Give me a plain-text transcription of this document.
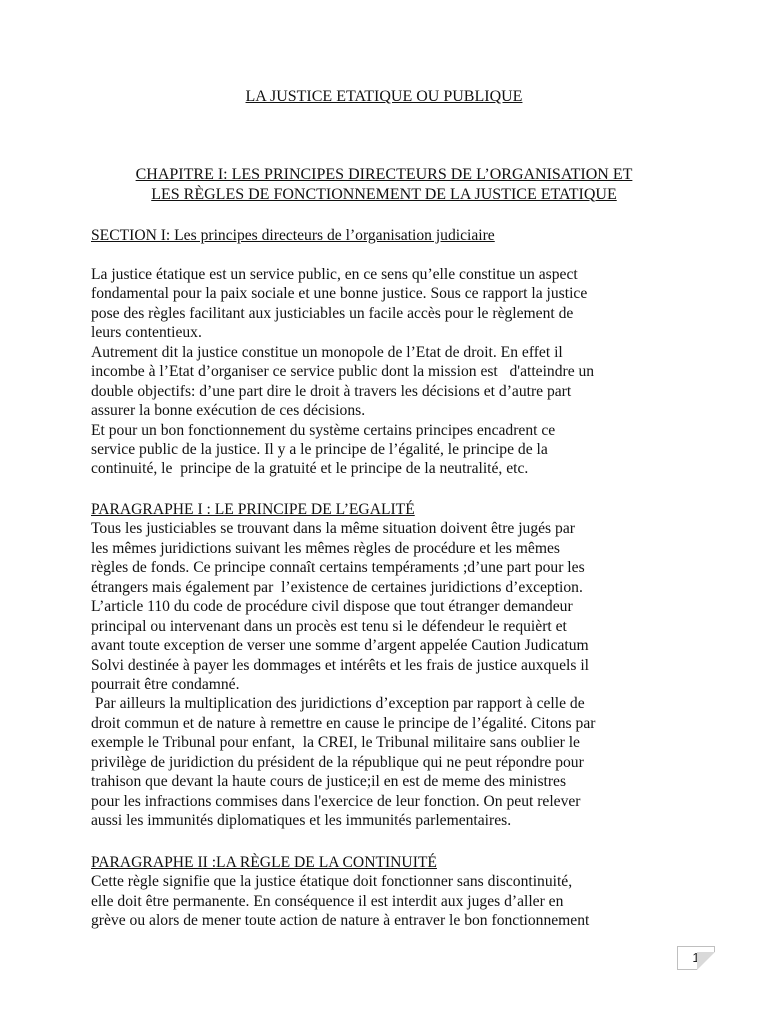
LA JUSTICE ETATIQUE OU PUBLIQUE
CHAPITRE I: LES PRINCIPES DIRECTEURS DE L’ORGANISATION ET
LES RÈGLES DE FONCTIONNEMENT DE LA JUSTICE ETATIQUE
SECTION I: Les principes directeurs de l’organisation judiciaire
La justice étatique est un service public, en ce sens qu’elle constitue un aspect
fondamental pour la paix sociale et une bonne justice. Sous ce rapport la justice
pose des règles facilitant aux justiciables un facile accès pour le règlement de
leurs contentieux.
Autrement dit la justice constitue un monopole de l’Etat de droit. En effet il
incombe à l’Etat d’organiser ce service public dont la mission est   d'atteindre un
double objectifs: d’une part dire le droit à travers les décisions et d’autre part
assurer la bonne exécution de ces décisions.
Et pour un bon fonctionnement du système certains principes encadrent ce
service public de la justice. Il y a le principe de l’égalité, le principe de la
continuité, le  principe de la gratuité et le principe de la neutralité, etc.
PARAGRAPHE I : LE PRINCIPE DE L’EGALITÉ
Tous les justiciables se trouvant dans la même situation doivent être jugés par
les mêmes juridictions suivant les mêmes règles de procédure et les mêmes
règles de fonds. Ce principe connaît certains tempéraments ;d’une part pour les
étrangers mais également par  l’existence de certaines juridictions d’exception.
L’article 110 du code de procédure civil dispose que tout étranger demandeur
principal ou intervenant dans un procès est tenu si le défendeur le requièrt et
avant toute exception de verser une somme d’argent appelée Caution Judicatum
Solvi destinée à payer les dommages et intérêts et les frais de justice auxquels il
pourrait être condamné.
Par ailleurs la multiplication des juridictions d’exception par rapport à celle de
droit commun et de nature à remettre en cause le principe de l’égalité. Citons par
exemple le Tribunal pour enfant,  la CREI, le Tribunal militaire sans oublier le
privilège de juridiction du président de la république qui ne peut répondre pour
trahison que devant la haute cours de justice;il en est de meme des ministres
pour les infractions commises dans l'exercice de leur fonction. On peut relever
aussi les immunités diplomatiques et les immunités parlementaires.
PARAGRAPHE II :LA RÈGLE DE LA CONTINUITÉ
Cette règle signifie que la justice étatique doit fonctionner sans discontinuité,
elle doit être permanente. En conséquence il est interdit aux juges d’aller en
grève ou alors de mener toute action de nature à entraver le bon fonctionnement
1
